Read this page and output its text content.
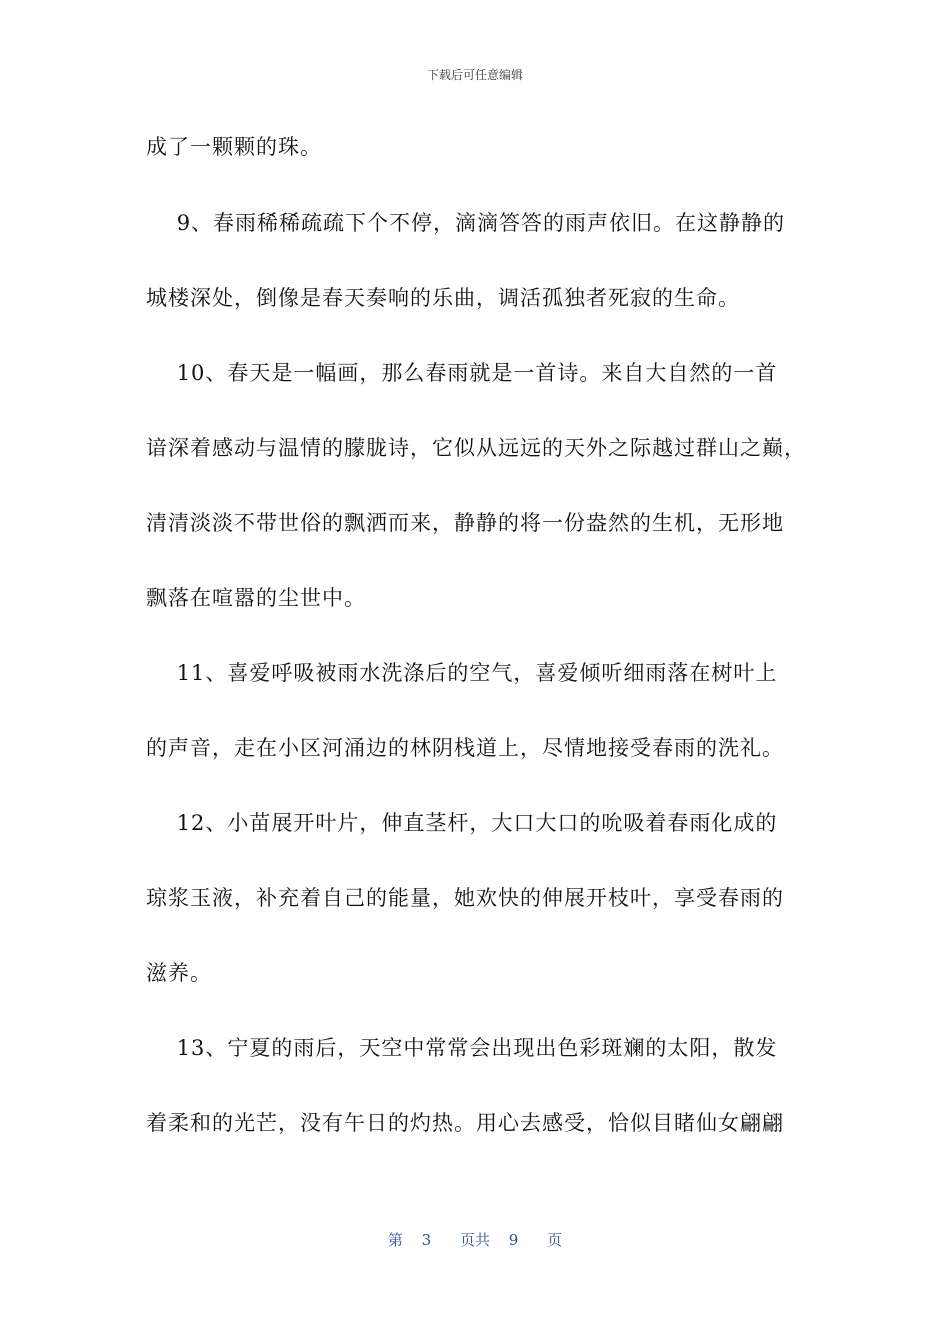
下载后可任意编辑
成了一颗颗的珠。
9、春雨稀稀疏疏下个不停，滴滴答答的雨声依旧。在这静静的
城楼深处，倒像是春天奏响的乐曲，调活孤独者死寂的生命。
10、春天是一幅画，那么春雨就是一首诗。来自大自然的一首
谙深着感动与温情的朦胧诗，它似从远远的天外之际越过群山之巅，
清清淡淡不带世俗的飘洒而来，静静的将一份盎然的生机，无形地
飘落在喧嚣的尘世中。
11、喜爱呼吸被雨水洗涤后的空气，喜爱倾听细雨落在树叶上
的声音，走在小区河涌边的林阴栈道上，尽情地接受春雨的洗礼。
12、小苗展开叶片，伸直茎杆，大口大口的吮吸着春雨化成的
琼浆玉液，补充着自己的能量，她欢快的伸展开枝叶，享受春雨的
滋养。
13、宁夏的雨后，天空中常常会出现出色彩斑斓的太阳，散发
着柔和的光芒，没有午日的灼热。用心去感受，恰似目睹仙女翩翩
第 3 页共 9 页
